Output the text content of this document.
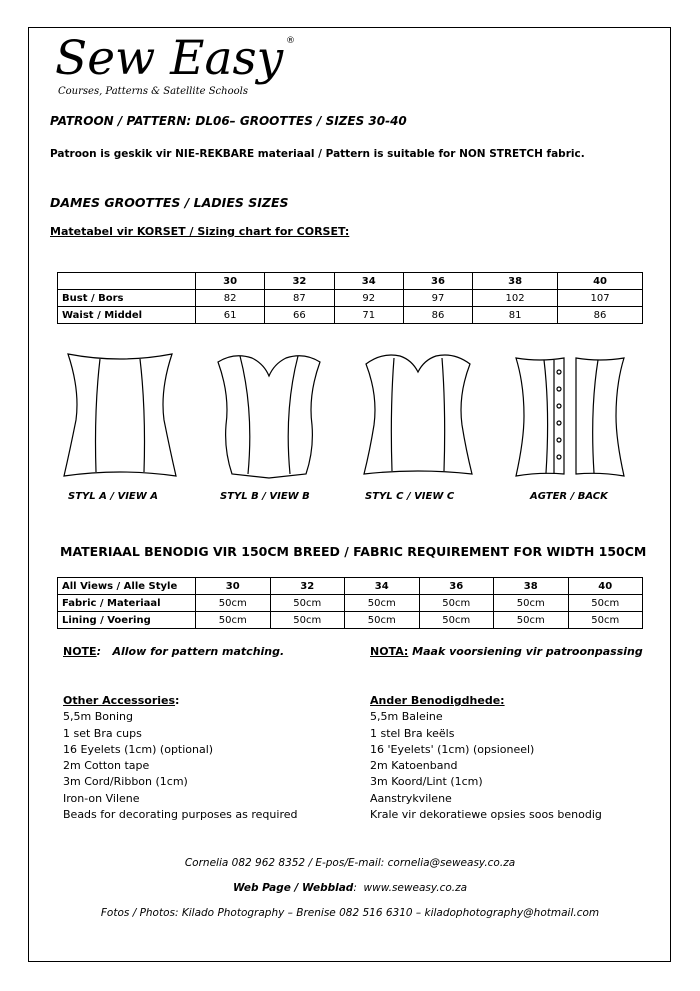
Sew Easy ®
Courses, Patterns & Satellite Schools
PATROON / PATTERN: DL06– GROOTTES / SIZES 30-40
Patroon is geskik vir NIE-REKBARE materiaal / Pattern is suitable for NON STRETCH fabric.
DAMES GROOTTES / LADIES SIZES
Matetabel vir KORSET / Sizing chart for CORSET:
	30	32	34	36	38	40
Bust / Bors	82	87	92	97	102	107
Waist / Middel	61	66	71	86	81	86
STYL A / VIEW A	STYL B / VIEW B	STYL C / VIEW C	AGTER / BACK
MATERIAAL BENODIG VIR 150CM BREED / FABRIC REQUIREMENT FOR WIDTH 150CM
All Views / Alle Style	30	32	34	36	38	40
Fabric / Materiaal	50cm	50cm	50cm	50cm	50cm	50cm
Lining / Voering	50cm	50cm	50cm	50cm	50cm	50cm
NOTE:   Allow for pattern matching.	NOTA: Maak voorsiening vir patroonpassing
Other Accessories:
5,5m Boning
1 set Bra cups
16 Eyelets (1cm) (optional)
2m Cotton tape
3m Cord/Ribbon (1cm)
Iron-on Vilene
Beads for decorating purposes as required
Ander Benodigdhede:
5,5m Baleine
1 stel Bra keëls
16 'Eyelets' (1cm) (opsioneel)
2m Katoenband
3m Koord/Lint (1cm)
Aanstrykvilene
Krale vir dekoratiewe opsies soos benodig
Cornelia 082 962 8352 / E-pos/E-mail: cornelia@seweasy.co.za
Web Page / Webblad:  www.seweasy.co.za
Fotos / Photos: Kilado Photography – Brenise 082 516 6310 – kiladophotography@hotmail.com
